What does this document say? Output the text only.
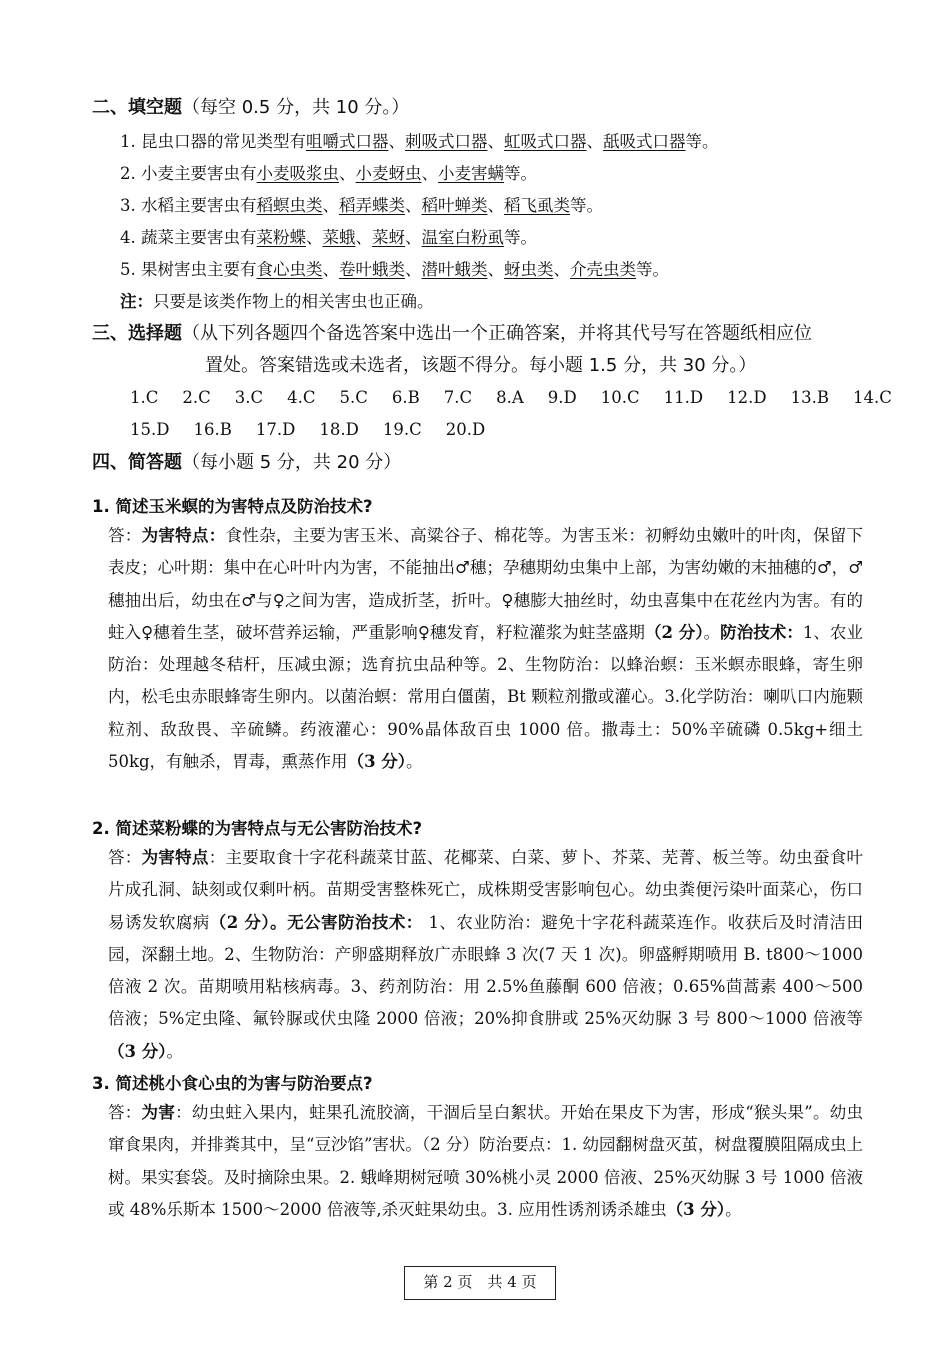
二、填空题（每空 0.5 分，共 10 分。）
1. 昆虫口器的常见类型有咀嚼式口器、刺吸式口器、虹吸式口器、舐吸式口器等。
2. 小麦主要害虫有小麦吸浆虫、小麦蚜虫、小麦害螨等。
3. 水稻主要害虫有稻螟虫类、稻弄蝶类、稻叶蝉类、稻飞虱类等。
4. 蔬菜主要害虫有菜粉蝶、菜蛾、菜蚜、温室白粉虱等。
5. 果树害虫主要有食心虫类、卷叶蛾类、潜叶蛾类、蚜虫类、介壳虫类等。
注：只要是该类作物上的相关害虫也正确。
三、选择题（从下列各题四个备选答案中选出一个正确答案，并将其代号写在答题纸相应位
置处。答案错选或未选者，该题不得分。每小题 1.5 分，共 30 分。）
1.C 2.C 3.C 4.C 5.C 6.B 7.C 8.A 9.D 10.C 11.D 12.D 13.B 14.C
15.D 16.B 17.D 18.D 19.C 20.D
四、简答题（每小题 5 分，共 20 分）
1. 简述玉米螟的为害特点及防治技术?
答：为害特点：食性杂，主要为害玉米、高粱谷子、棉花等。为害玉米：初孵幼虫嫩叶的叶肉，保留下表皮；心叶期：集中在心叶叶内为害，不能抽出♂穗；孕穗期幼虫集中上部，为害幼嫩的末抽穗的♂，♂穗抽出后，幼虫在♂与♀之间为害，造成折茎，折叶。♀穗膨大抽丝时，幼虫喜集中在花丝内为害。有的蛀入♀穗着生茎，破坏营养运输，严重影响♀穗发育，籽粒灌浆为蛀茎盛期（2 分）。防治技术：1、农业防治：处理越冬秸杆，压减虫源；选育抗虫品种等。2、生物防治：以蜂治螟：玉米螟赤眼蜂，寄生卵内，松毛虫赤眼蜂寄生卵内。以菌治螟：常用白僵菌，Bt 颗粒剂撒或灌心。3.化学防治：喇叭口内施颗粒剂、敌敌畏、辛硫鳞。药液灌心：90%晶体敌百虫 1000 倍。撒毒土：50%辛硫磷 0.5kg+细土 50kg，有触杀，胃毒，熏蒸作用（3 分）。
2. 简述菜粉蝶的为害特点与无公害防治技术?
答：为害特点：主要取食十字花科蔬菜甘蓝、花椰菜、白菜、萝卜、芥菜、芜菁、板兰等。幼虫蚕食叶片成孔洞、缺刻或仅剩叶柄。苗期受害整株死亡，成株期受害影响包心。幼虫粪便污染叶面菜心，伤口易诱发软腐病（2 分）。无公害防治技术： 1、农业防治：避免十字花科蔬菜连作。收获后及时清洁田园，深翻土地。2、生物防治：产卵盛期释放广赤眼蜂 3 次(7 天 1 次)。卵盛孵期喷用 B. t800～1000 倍液 2 次。苗期喷用粘核病毒。3、药剂防治：用 2.5%鱼藤酮 600 倍液；0.65%茴蒿素 400～500 倍液；5%定虫隆、氟铃脲或伏虫隆 2000 倍液；20%抑食肼或 25%灭幼脲 3 号 800～1000 倍液等（3 分）。
3. 简述桃小食心虫的为害与防治要点?
答：为害：幼虫蛀入果内，蛀果孔流胶滴，干涸后呈白絮状。开始在果皮下为害，形成“猴头果”。幼虫窜食果肉，并排粪其中，呈“豆沙馅”害状。（2 分）防治要点：1. 幼园翻树盘灭茧，树盘覆膜阻隔成虫上树。果实套袋。及时摘除虫果。2. 蛾峰期树冠喷 30%桃小灵 2000 倍液、25%灭幼脲 3 号 1000 倍液或 48%乐斯本 1500～2000 倍液等,杀灭蛀果幼虫。3. 应用性诱剂诱杀雄虫（3 分）。
第 2 页　共 4 页
